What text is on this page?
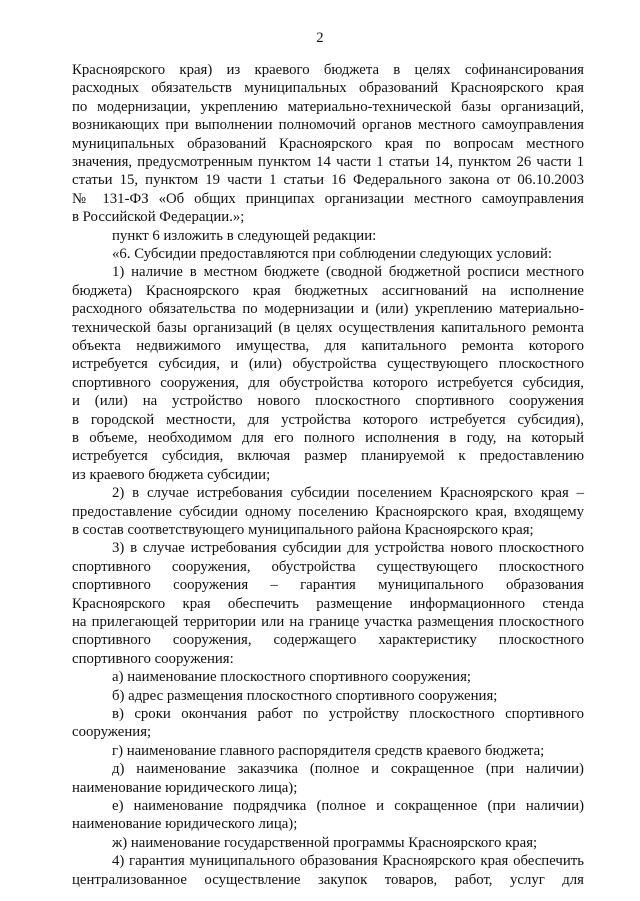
2
Красноярского края) из краевого бюджета в целях софинансирования
расходных обязательств муниципальных образований Красноярского края
по модернизации, укреплению материально-технической базы организаций,
возникающих при выполнении полномочий органов местного самоуправления
муниципальных образований Красноярского края по вопросам местного
значения, предусмотренным пунктом 14 части 1 статьи 14, пунктом 26 части 1
статьи 15, пунктом 19 части 1 статьи 16 Федерального закона от 06.10.2003
№ 131-ФЗ «Об общих принципах организации местного самоуправления
в Российской Федерации.»;
пункт 6 изложить в следующей редакции:
«6. Субсидии предоставляются при соблюдении следующих условий:
1) наличие в местном бюджете (сводной бюджетной росписи местного
бюджета) Красноярского края бюджетных ассигнований на исполнение
расходного обязательства по модернизации и (или) укреплению материально-
технической базы организаций (в целях осуществления капитального ремонта
объекта недвижимого имущества, для капитального ремонта которого
истребуется субсидия, и (или) обустройства существующего плоскостного
спортивного сооружения, для обустройства которого истребуется субсидия,
и (или) на устройство нового плоскостного спортивного сооружения
в городской местности, для устройства которого истребуется субсидия),
в объеме, необходимом для его полного исполнения в году, на который
истребуется субсидия, включая размер планируемой к предоставлению
из краевого бюджета субсидии;
2) в случае истребования субсидии поселением Красноярского края –
предоставление субсидии одному поселению Красноярского края, входящему
в состав соответствующего муниципального района Красноярского края;
3) в случае истребования субсидии для устройства нового плоскостного
спортивного сооружения, обустройства существующего плоскостного
спортивного сооружения – гарантия муниципального образования
Красноярского края обеспечить размещение информационного стенда
на прилегающей территории или на границе участка размещения плоскостного
спортивного сооружения, содержащего характеристику плоскостного
спортивного сооружения:
а) наименование плоскостного спортивного сооружения;
б) адрес размещения плоскостного спортивного сооружения;
в) сроки окончания работ по устройству плоскостного спортивного
сооружения;
г) наименование главного распорядителя средств краевого бюджета;
д) наименование заказчика (полное и сокращенное (при наличии)
наименование юридического лица);
е) наименование подрядчика (полное и сокращенное (при наличии)
наименование юридического лица);
ж) наименование государственной программы Красноярского края;
4) гарантия муниципального образования Красноярского края обеспечить
централизованное осуществление закупок товаров, работ, услуг для
